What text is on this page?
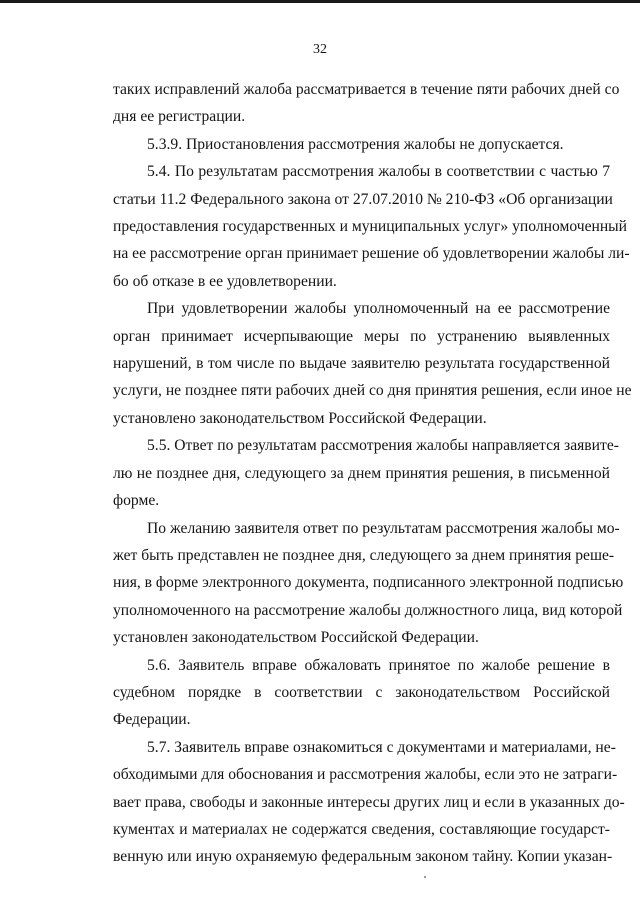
32

таких исправлений жалоба рассматривается в течение пяти рабочих дней со
дня ее регистрации.

5.3.9. Приостановления рассмотрения жалобы не допускается.

5.4. По результатам рассмотрения жалобы в соответствии с частью 7
статьи 11.2 Федерального закона от 27.07.2010 № 210-ФЗ «Об организации
предоставления государственных и муниципальных услуг» уполномоченный
на ее рассмотрение орган принимает решение об удовлетворении жалобы ли-
бо об отказе в ее удовлетворении.

При удовлетворении жалобы уполномоченный на ее рассмотрение
орган принимает исчерпывающие меры по устранению выявленных
нарушений, в том числе по выдаче заявителю результата государственной
услуги, не позднее пяти рабочих дней со дня принятия решения, если иное не
установлено законодательством Российской Федерации.

5.5. Ответ по результатам рассмотрения жалобы направляется заявите-
лю не позднее дня, следующего за днем принятия решения, в письменной
форме.

По желанию заявителя ответ по результатам рассмотрения жалобы мо-
жет быть представлен не позднее дня, следующего за днем принятия реше-
ния, в форме электронного документа, подписанного электронной подписью
уполномоченного на рассмотрение жалобы должностного лица, вид которой
установлен законодательством Российской Федерации.

5.6. Заявитель вправе обжаловать принятое по жалобе решение в
судебном порядке в соответствии с законодательством Российской
Федерации.

5.7. Заявитель вправе ознакомиться с документами и материалами, не-
обходимыми для обоснования и рассмотрения жалобы, если это не затраги-
вает права, свободы и законные интересы других лиц и если в указанных до-
кументах и материалах не содержатся сведения, составляющие государст-
венную или иную охраняемую федеральным законом тайну. Копии указан-
